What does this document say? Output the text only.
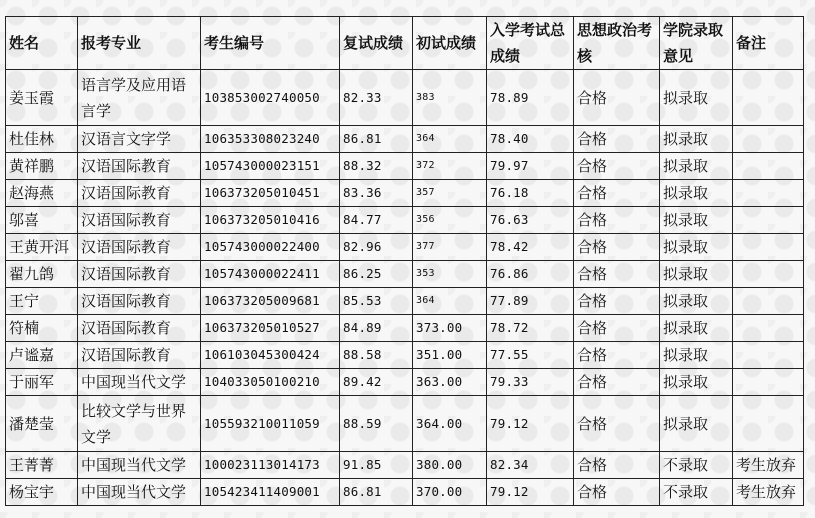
姓名	报考专业	考生编号	复试成绩	初试成绩	入学考试总成绩	思想政治考核	学院录取意见	备注
姜玉霞	语言学及应用语言学	103853002740050	82.33	383	78.89	合格	拟录取	
杜佳林	汉语言文字学	106353308023240	86.81	364	78.40	合格	拟录取	
黄祥鹏	汉语国际教育	105743000023151	88.32	372	79.97	合格	拟录取	
赵海燕	汉语国际教育	106373205010451	83.36	357	76.18	合格	拟录取	
邬喜	汉语国际教育	106373205010416	84.77	356	76.63	合格	拟录取	
王黄开洱	汉语国际教育	105743000022400	82.96	377	78.42	合格	拟录取	
翟九鸽	汉语国际教育	105743000022411	86.25	353	76.86	合格	拟录取	
王宁	汉语国际教育	106373205009681	85.53	364	77.89	合格	拟录取	
符楠	汉语国际教育	106373205010527	84.89	373.00	78.72	合格	拟录取	
卢谧嘉	汉语国际教育	106103045300424	88.58	351.00	77.55	合格	拟录取	
于丽军	中国现当代文学	104033050100210	89.42	363.00	79.33	合格	拟录取	
潘楚莹	比较文学与世界文学	105593210011059	88.59	364.00	79.12	合格	拟录取	
王菁菁	中国现当代文学	100023113014173	91.85	380.00	82.34	合格	不录取	考生放弃
杨宝宇	中国现当代文学	105423411409001	86.81	370.00	79.12	合格	不录取	考生放弃
